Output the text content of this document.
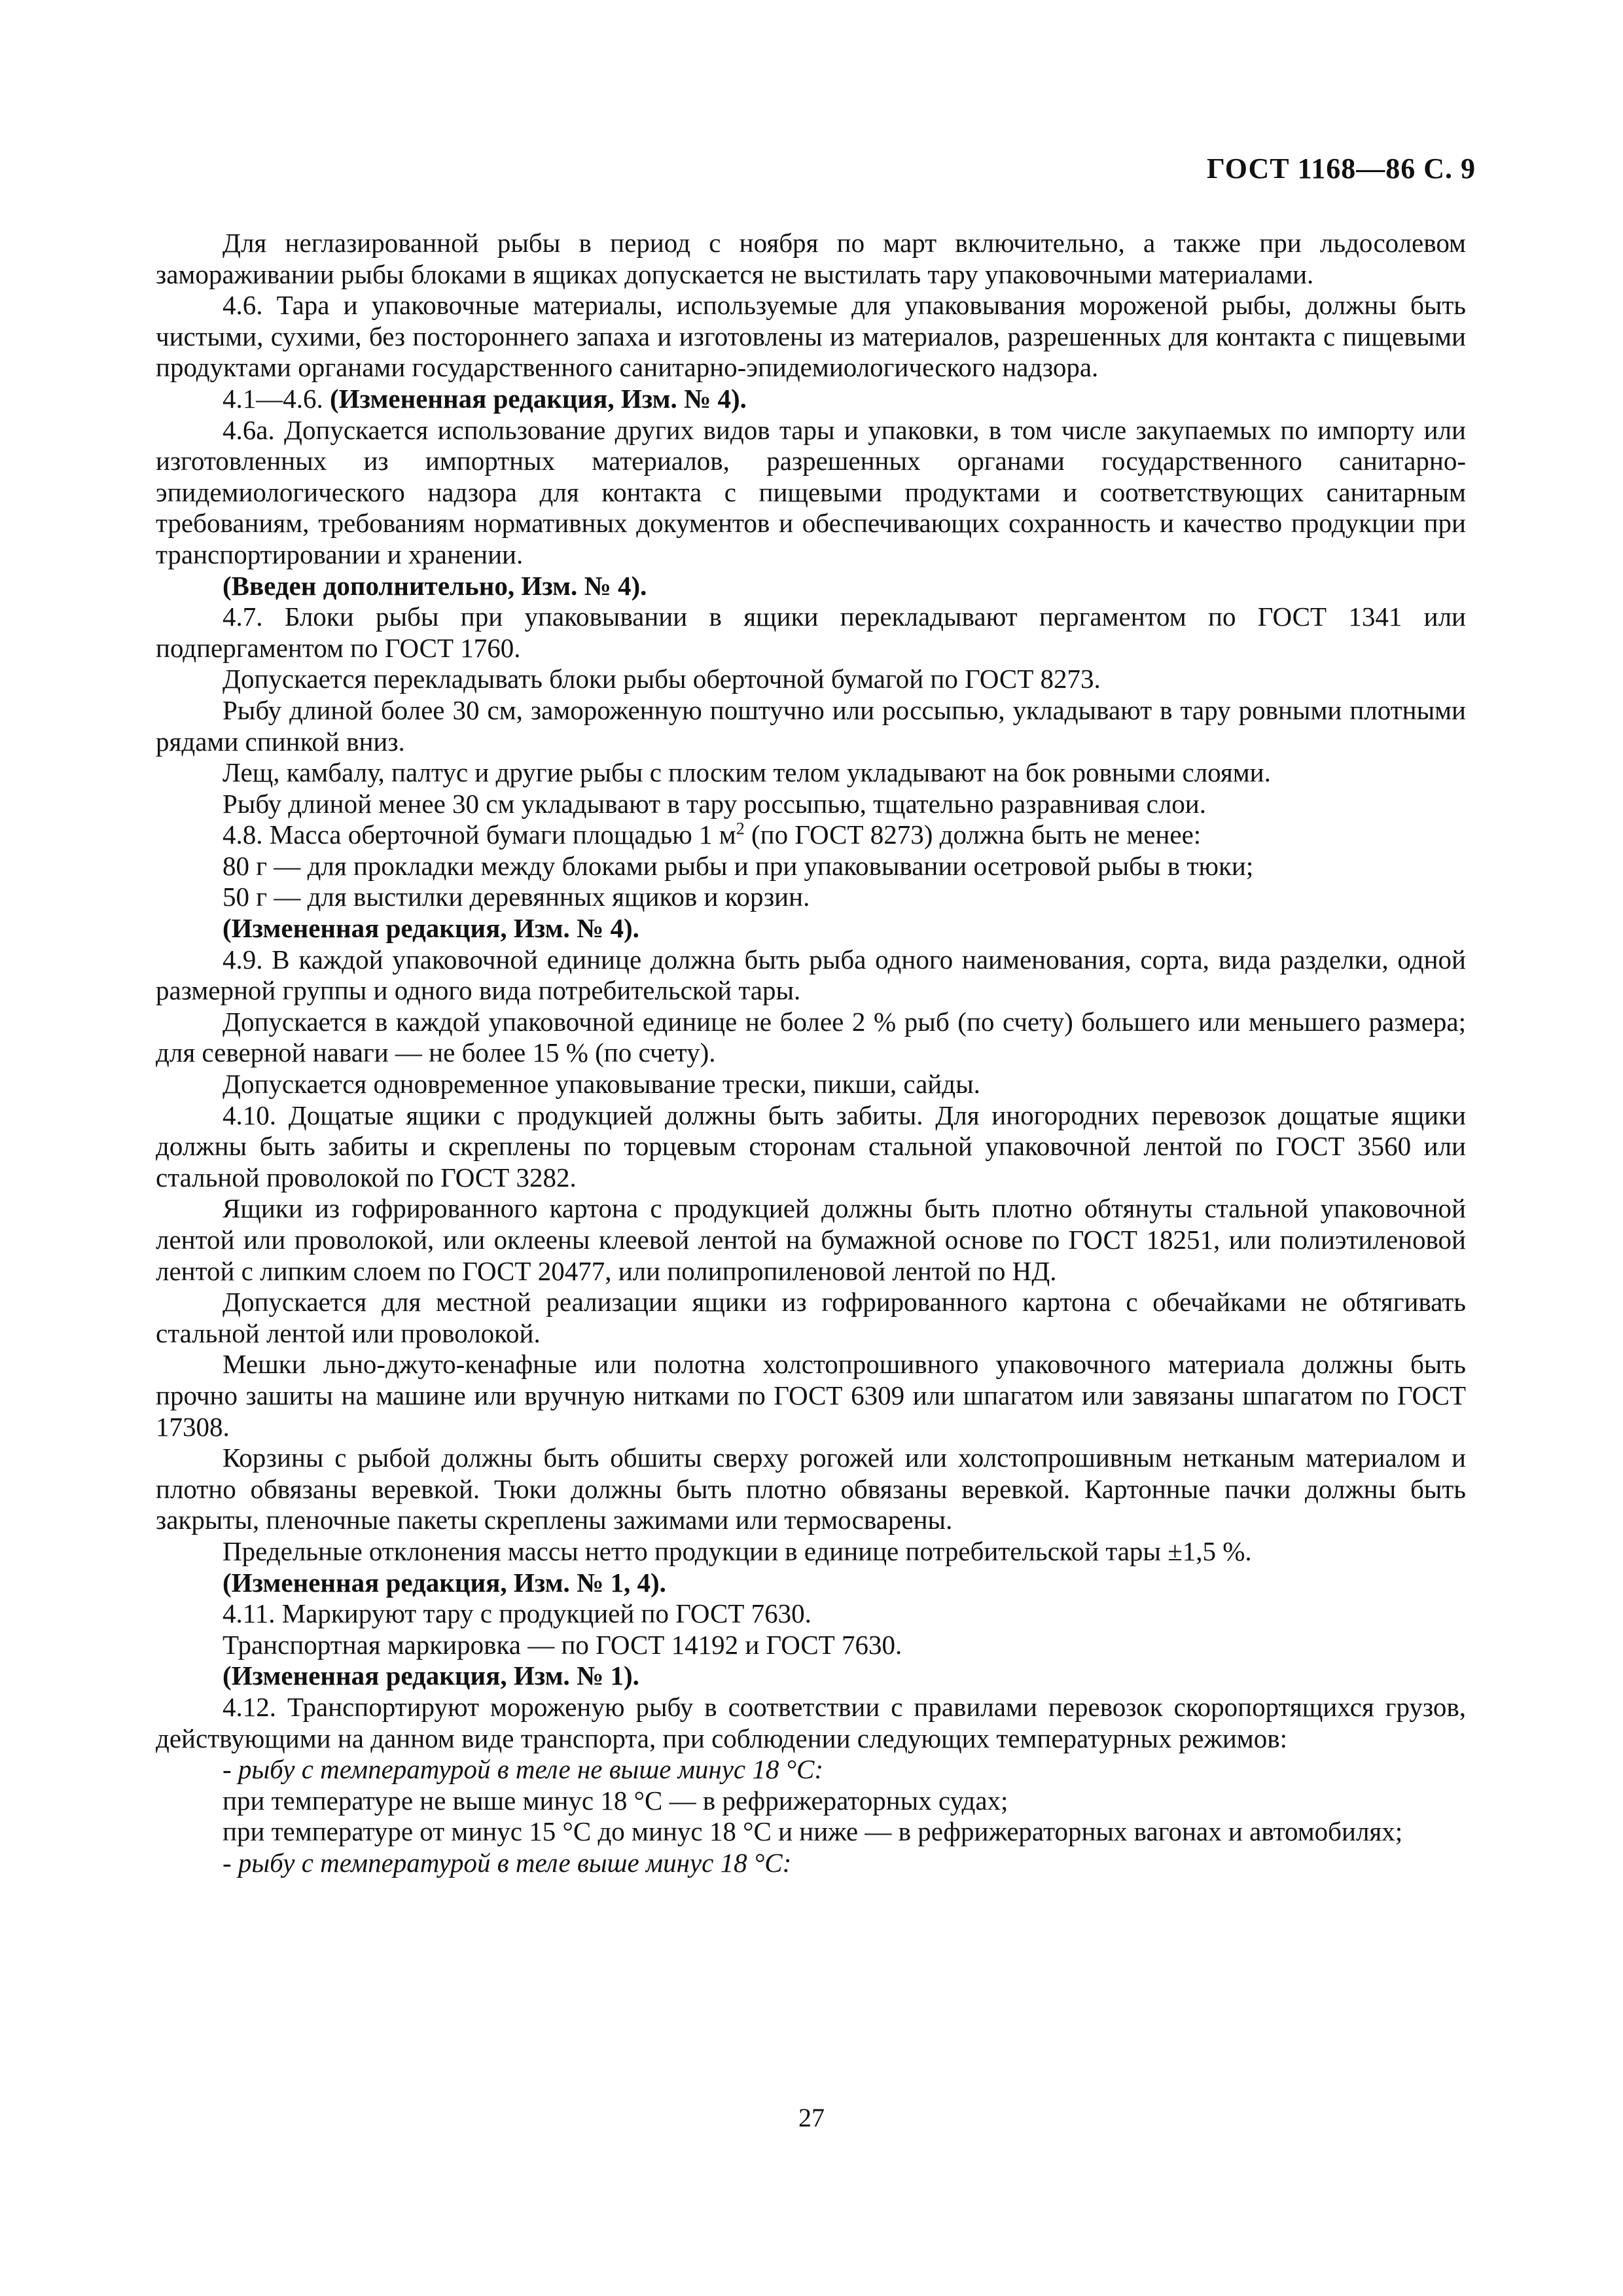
ГОСТ 1168—86 С. 9

Для неглазированной рыбы в период с ноября по март включительно, а также при льдосолевом замораживании рыбы блоками в ящиках допускается не выстилать тару упаковочными материалами.

4.6. Тара и упаковочные материалы, используемые для упаковывания мороженой рыбы, должны быть чистыми, сухими, без постороннего запаха и изготовлены из материалов, разрешенных для контакта с пищевыми продуктами органами государственного санитарно-эпидемиологического надзора.

4.1—4.6. (Измененная редакция, Изм. № 4).

4.6а. Допускается использование других видов тары и упаковки, в том числе закупаемых по импорту или изготовленных из импортных материалов, разрешенных органами государственного санитарно-эпидемиологического надзора для контакта с пищевыми продуктами и соответствующих санитарным требованиям, требованиям нормативных документов и обеспечивающих сохранность и качество продукции при транспортировании и хранении.

(Введен дополнительно, Изм. № 4).

4.7. Блоки рыбы при упаковывании в ящики перекладывают пергаментом по ГОСТ 1341 или подпергаментом по ГОСТ 1760.

Допускается перекладывать блоки рыбы оберточной бумагой по ГОСТ 8273.

Рыбу длиной более 30 см, замороженную поштучно или россыпью, укладывают в тару ровными плотными рядами спинкой вниз.

Лещ, камбалу, палтус и другие рыбы с плоским телом укладывают на бок ровными слоями.

Рыбу длиной менее 30 см укладывают в тару россыпью, тщательно разравнивая слои.

4.8. Масса оберточной бумаги площадью 1 $м^2$ (по ГОСТ 8273) должна быть не менее:

80 г — для прокладки между блоками рыбы и при упаковывании осетровой рыбы в тюки;

50 г — для выстилки деревянных ящиков и корзин.

(Измененная редакция, Изм. № 4).

4.9. В каждой упаковочной единице должна быть рыба одного наименования, сорта, вида разделки, одной размерной группы и одного вида потребительской тары.

Допускается в каждой упаковочной единице не более 2 % рыб (по счету) большего или меньшего размера; для северной наваги — не более 15 % (по счету).

Допускается одновременное упаковывание трески, пикши, сайды.

4.10. Дощатые ящики с продукцией должны быть забиты. Для иногородних перевозок дощатые ящики должны быть забиты и скреплены по торцевым сторонам стальной упаковочной лентой по ГОСТ 3560 или стальной проволокой по ГОСТ 3282.

Ящики из гофрированного картона с продукцией должны быть плотно обтянуты стальной упаковочной лентой или проволокой, или оклеены клеевой лентой на бумажной основе по ГОСТ 18251, или полиэтиленовой лентой с липким слоем по ГОСТ 20477, или полипропиленовой лентой по НД.

Допускается для местной реализации ящики из гофрированного картона с обечайками не обтягивать стальной лентой или проволокой.

Мешки льно-джуто-кенафные или полотна холстопрошивного упаковочного материала должны быть прочно зашиты на машине или вручную нитками по ГОСТ 6309 или шпагатом или завязаны шпагатом по ГОСТ 17308.

Корзины с рыбой должны быть обшиты сверху рогожей или холстопрошивным нетканым материалом и плотно обвязаны веревкой. Тюки должны быть плотно обвязаны веревкой. Картонные пачки должны быть закрыты, пленочные пакеты скреплены зажимами или термосварены.

Предельные отклонения массы нетто продукции в единице потребительской тары ±1,5 %.

(Измененная редакция, Изм. № 1, 4).

4.11. Маркируют тару с продукцией по ГОСТ 7630.

Транспортная маркировка — по ГОСТ 14192 и ГОСТ 7630.

(Измененная редакция, Изм. № 1).

4.12. Транспортируют мороженую рыбу в соответствии с правилами перевозок скоропортящихся грузов, действующими на данном виде транспорта, при соблюдении следующих температурных режимов:

- рыбу с температурой в теле не выше минус 18 °С:

при температуре не выше минус 18 °С — в рефрижераторных судах;

при температуре от минус 15 °С до минус 18 °С и ниже — в рефрижераторных вагонах и автомобилях;

- рыбу с температурой в теле выше минус 18 °С:

27
